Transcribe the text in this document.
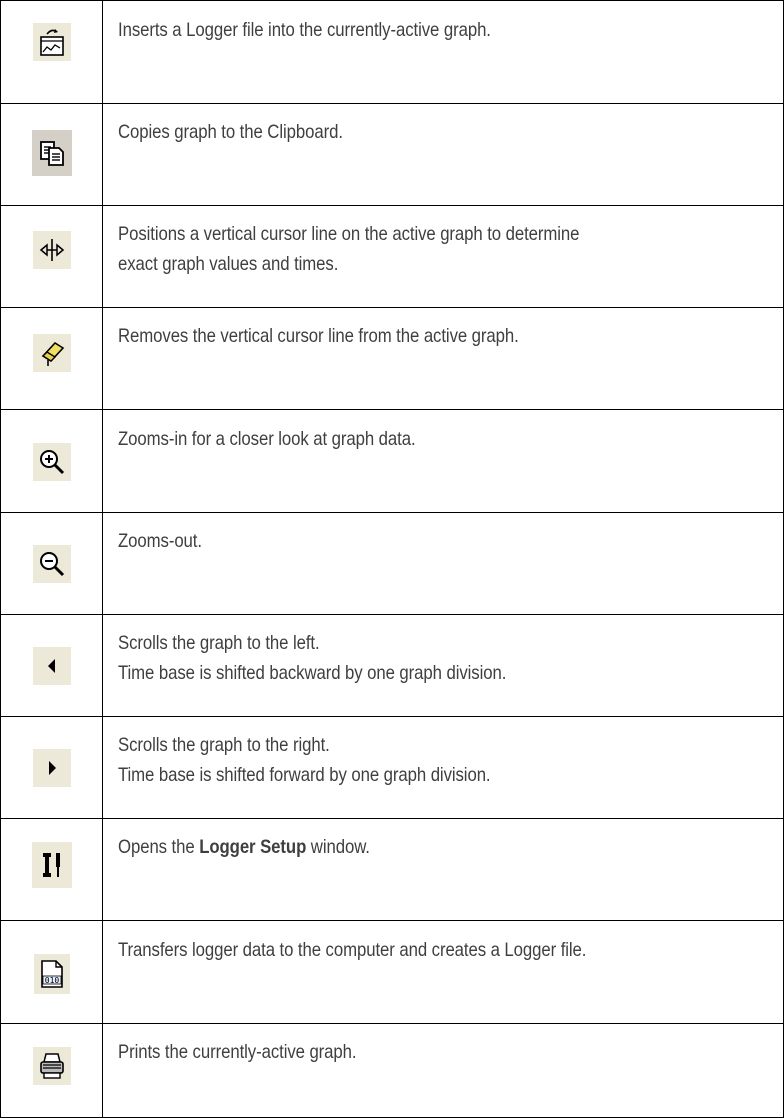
Inserts a Logger file into the currently-active graph.
Copies graph to the Clipboard.
Positions a vertical cursor line on the active graph to determine
exact graph values and times.
Removes the vertical cursor line from the active graph.
Zooms-in for a closer look at graph data.
Zooms-out.
Scrolls the graph to the left.
Time base is shifted backward by one graph division.
Scrolls the graph to the right.
Time base is shifted forward by one graph division.
Opens the Logger Setup window.
010
Transfers logger data to the computer and creates a Logger file.
Prints the currently-active graph.
